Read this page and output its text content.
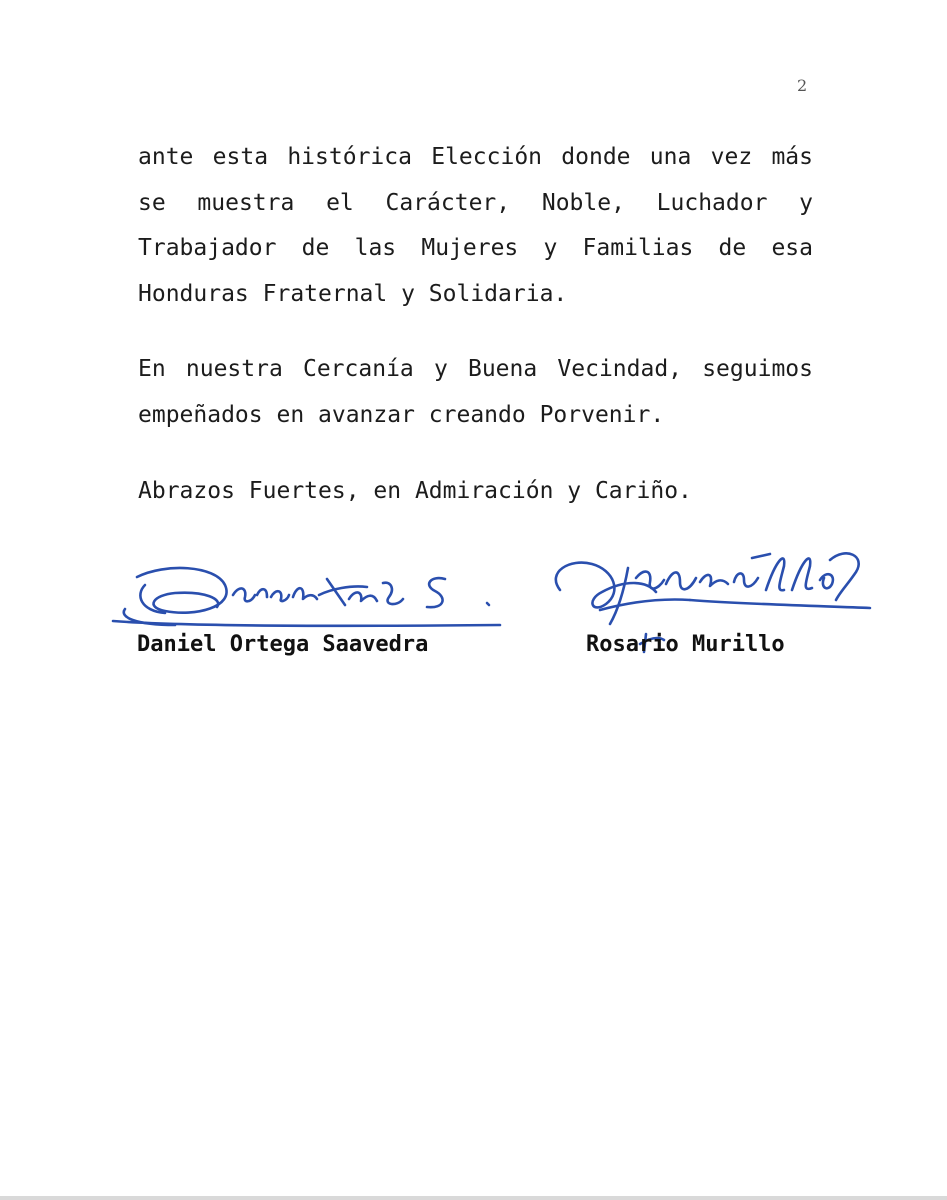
2
ante esta histórica Elección donde una vez más
se muestra el Carácter, Noble, Luchador y
Trabajador de las Mujeres y Familias de esa
Honduras Fraternal y Solidaria.
En nuestra Cercanía y Buena Vecindad, seguimos
empeñados en avanzar creando Porvenir.
Abrazos Fuertes, en Admiración y Cariño.
Daniel Ortega Saavedra	Rosario Murillo
